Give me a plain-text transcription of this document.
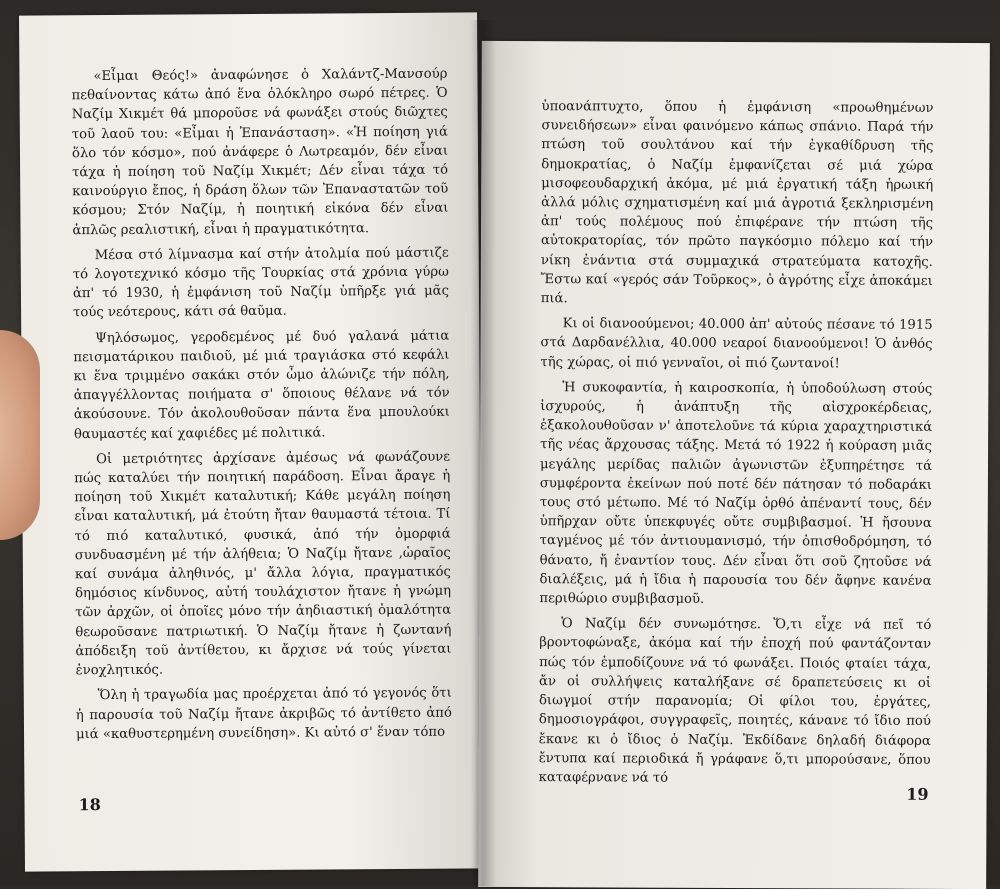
«Εἶμαι Θεός!» ἀναφώνησε ὁ Χαλάντζ-Μανσούρ πεθαίνοντας κάτω ἀπό ἕνα ὁλόκληρο σωρό πέτρες. Ὁ Ναζίμ Χικμέτ θά μποροῦσε νά φωνάξει στούς διῶχτες τοῦ λαοῦ του: «Εἶμαι ἡ Ἐπανάσταση». «Ἡ ποίηση γιά ὅλο τόν κόσμο», πού ἀνάφερε ὁ Λωτρεαμόν, δέν εἶναι τάχα ἡ ποίηση τοῦ Ναζίμ Χικμέτ; Δέν εἶναι τάχα τό καινούργιο ἔπος, ἡ δράση ὅλων τῶν Ἐπαναστατῶν τοῦ κόσμου; Στόν Ναζίμ, ἡ ποιητική εἰκόνα δέν εἶναι ἁπλῶς ρεαλιστική, εἶναι ἡ πραγματικότητα.

Μέσα στό λίμνασμα καί στήν ἀτολμία πού μάστιζε τό λογοτεχνικό κόσμο τῆς Τουρκίας στά χρόνια γύρω ἀπ' τό 1930, ἡ ἐμφάνιση τοῦ Ναζίμ ὑπῆρξε γιά μᾶς τούς νεότερους, κάτι σά θαῦμα.

Ψηλόσωμος, γεροδεμένος μέ δυό γαλανά μάτια πεισματάρικου παιδιοῦ, μέ μιά τραγιάσκα στό κεφάλι κι ἕνα τριμμένο σακάκι στόν ὦμο ἀλώνιζε τήν πόλη, ἀπαγγέλλοντας ποιήματα σ' ὅποιους θέλανε νά τόν ἀκούσουνε. Τόν ἀκολουθοῦσαν πάντα ἕνα μπουλούκι θαυμαστές καί χαφιέδες μέ πολιτικά.

Οἱ μετριότητες ἀρχίσανε ἀμέσως νά φωνάζουνε πώς καταλύει τήν ποιητική παράδοση. Εἶναι ἄραγε ἡ ποίηση τοῦ Χικμέτ καταλυτική; Κάθε μεγάλη ποίηση εἶναι καταλυτική, μά ἐτούτη ἤταν θαυμαστά τέτοια. Τί τό πιό καταλυτικό, φυσικά, ἀπό τήν ὀμορφιά συνδυασμένη μέ τήν ἀλήθεια; Ὁ Ναζίμ ἤτανε ,ὡραῖος καί συνάμα ἀληθινός, μ' ἄλλα λόγια, πραγματικός δημόσιος κίνδυνος, αὐτή τουλάχιστον ἤτανε ἡ γνώμη τῶν ἀρχῶν, οἱ ὁποῖες μόνο τήν ἀηδιαστική ὁμαλότητα θεωροῦσανε πατριωτική. Ὁ Ναζίμ ἤτανε ἡ ζωντανή ἀπόδειξη τοῦ ἀντίθετου, κι ἄρχισε νά τούς γίνεται ἐνοχλητικός.

Ὅλη ἡ τραγωδία μας προέρχεται ἀπό τό γεγονός ὅτι ἡ παρουσία τοῦ Ναζίμ ἤτανε ἀκριβῶς τό ἀντίθετο ἀπό μιά «καθυστερημένη συνείδηση». Κι αὐτό σ' ἕναν τόπο

18

ὑποανάπτυχτο, ὅπου ἡ ἐμφάνιση «προωθημένων συνειδήσεων» εἶναι φαινόμενο κάπως σπάνιο. Παρά τήν πτώση τοῦ σουλτάνου καί τήν ἐγκαθίδρυση τῆς δημοκρατίας, ὁ Ναζίμ ἐμφανίζεται σέ μιά χώρα μισοφεουδαρχική ἀκόμα, μέ μιά ἐργατική τάξη ἡρωική ἀλλά μόλις σχηματισμένη καί μιά ἀγροτιά ξεκληρισμένη ἀπ' τούς πολέμους πού ἐπιφέρανε τήν πτώση τῆς αὐτοκρατορίας, τόν πρῶτο παγκόσμιο πόλεμο καί τήν νίκη ἐνάντια στά συμμαχικά στρατεύματα κατοχῆς. Ἔστω καί «γερός σάν Τοῦρκος», ὁ ἀγρότης εἶχε ἀποκάμει πιά.

Κι οἱ διανοούμενοι; 40.000 ἀπ' αὐτούς πέσανε τό 1915 στά Δαρδανέλλια, 40.000 νεαροί διανοούμενοι! Ὁ ἀνθός τῆς χώρας, οἱ πιό γενναῖοι, οἱ πιό ζωντανοί!

Ἡ συκοφαντία, ἡ καιροσκοπία, ἡ ὑποδούλωση στούς ἰσχυρούς, ἡ ἀνάπτυξη τῆς αἰσχροκέρδειας, ἐξακολουθοῦσαν ν' ἀποτελοῦνε τά κύρια χαραχτηριστικά τῆς νέας ἄρχουσας τάξης. Μετά τό 1922 ἡ κούραση μιᾶς μεγάλης μερίδας παλιῶν ἀγωνιστῶν ἐξυπηρέτησε τά συμφέροντα ἐκείνων πού ποτέ δέν πάτησαν τό ποδαράκι τους στό μέτωπο. Μέ τό Ναζίμ ὀρθό ἀπέναντί τους, δέν ὑπῆρχαν οὔτε ὑπεκφυγές οὔτε συμβιβασμοί. Ἡ ἤσουνα ταγμένος μέ τόν ἀντιουμανισμό, τήν ὀπισθοδρόμηση, τό θάνατο, ἤ ἐναντίον τους. Δέν εἶναι ὅτι σοῦ ζητοῦσε νά διαλέξεις, μά ἡ ἴδια ἡ παρουσία του δέν ἄφηνε κανένα περιθώριο συμβιβασμοῦ.

Ὁ Ναζίμ δέν συνωμότησε. Ὅ,τι εἶχε νά πεῖ τό βροντοφώναξε, ἀκόμα καί τήν ἐποχή πού φαντάζονταν πώς τόν ἐμποδίζουνε νά τό φωνάξει. Ποιός φταίει τάχα, ἄν οἱ συλλήψεις καταλήξανε σέ δραπετεύσεις κι οἱ διωγμοί στήν παρανομία; Οἱ φίλοι του, ἐργάτες, δημοσιογράφοι, συγγραφεῖς, ποιητές, κάνανε τό ἴδιο πού ἔκανε κι ὁ ἴδιος ὁ Ναζίμ. Ἐκδίδανε δηλαδή διάφορα ἔντυπα καί περιοδικά ἤ γράφανε ὅ,τι μπορούσανε, ὅπου καταφέρνανε νά τό

19
